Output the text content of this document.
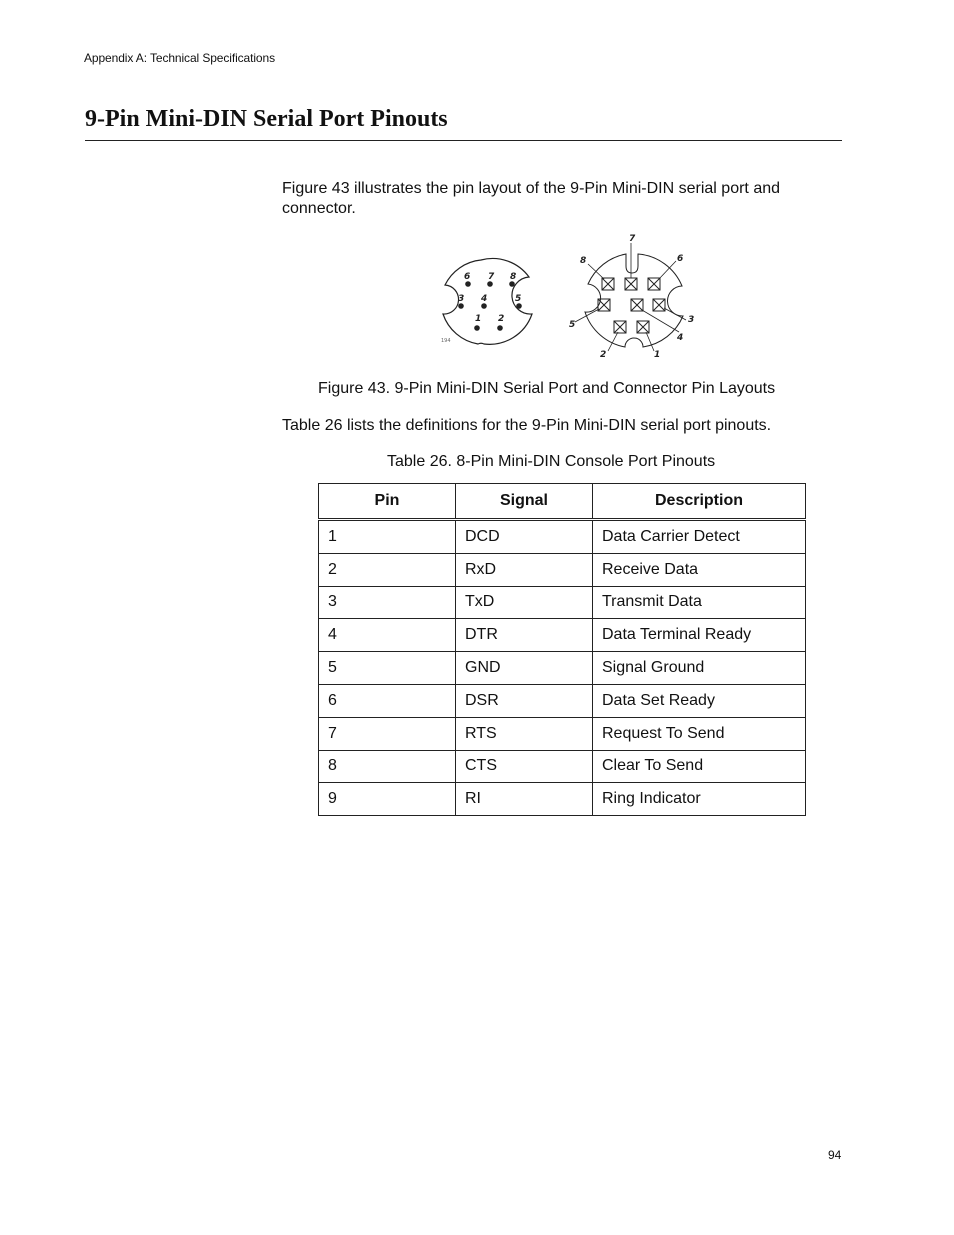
Appendix A: Technical Specifications
9-Pin Mini-DIN Serial Port Pinouts

Figure 43 illustrates the pin layout of the 9-Pin Mini-DIN serial port and connector.

6 7 8
3 4	5
1 2
194
7
8	6
5	3
4
2	1
Figure 43. 9-Pin Mini-DIN Serial Port and Connector Pin Layouts

Table 26 lists the definitions for the 9-Pin Mini-DIN serial port pinouts.

Table 26. 8-Pin Mini-DIN Console Port Pinouts
Pin	Signal	Description
1	DCD	Data Carrier Detect
2	RxD	Receive Data
3	TxD	Transmit Data
4	DTR	Data Terminal Ready
5	GND	Signal Ground
6	DSR	Data Set Ready
7	RTS	Request To Send
8	CTS	Clear To Send
9	RI	Ring Indicator
94
